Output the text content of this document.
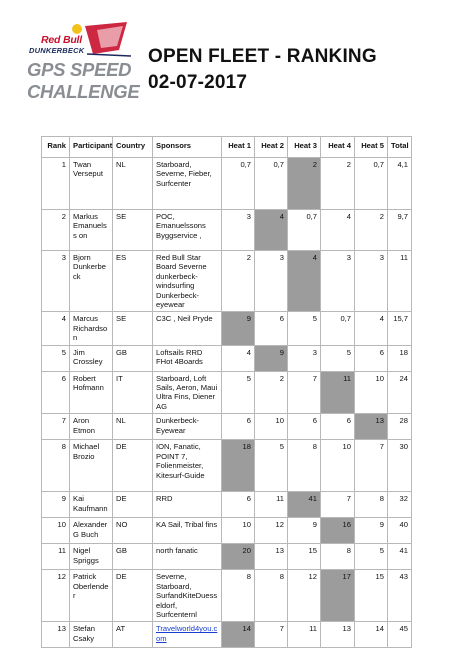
Red Bull
DUNKERBECK
GPS SPEED
CHALLENGE
OPEN FLEET - RANKING
02-07-2017
Rank	Participant	Country	Sponsors	Heat 1	Heat 2	Heat 3	Heat 4	Heat 5	Total
1	Twan Verseput	NL	Starboard, Severne, Fieber, Surfcenter	0,7	0,7	2	2	0,7	4,1
2	Markus Emanuelss on	SE	POC, Emanuelssons Byggservice ,	3	4	0,7	4	2	9,7
3	Bjorn Dunkerbeck	ES	Red Bull Star Board Severne dunkerbeck-windsurfing Dunkerbeck-eyewear	2	3	4	3	3	11
4	Marcus Richardson	SE	C3C , Neil Pryde	9	6	5	0,7	4	15,7
5	Jim Crossley	GB	Loftsails RRD FHot 4Boards	4	9	3	5	6	18
6	Robert Hofmann	IT	Starboard, Loft Sails, Aeron, Maui Ultra Fins, Diener AG	5	2	7	11	10	24
7	Aron Etmon	NL	Dunkerbeck-Eyewear	6	10	6	6	13	28
8	Michael Brozio	DE	ION, Fanatic, POINT 7, Folienmeister, Kitesurf-Guide	18	5	8	10	7	30
9	Kai Kaufmann	DE	RRD	6	11	41	7	8	32
10	Alexander G Buch	NO	KA Sail, Tribal fins	10	12	9	16	9	40
11	Nigel Spriggs	GB	north fanatic	20	13	15	8	5	41
12	Patrick Oberlender	DE	Severne, Starboard, SurfandKiteDuesseldorf, Surfcenternl	8	8	12	17	15	43
13	Stefan Csaky	AT	Travelworld4you.com	14	7	11	13	14	45
